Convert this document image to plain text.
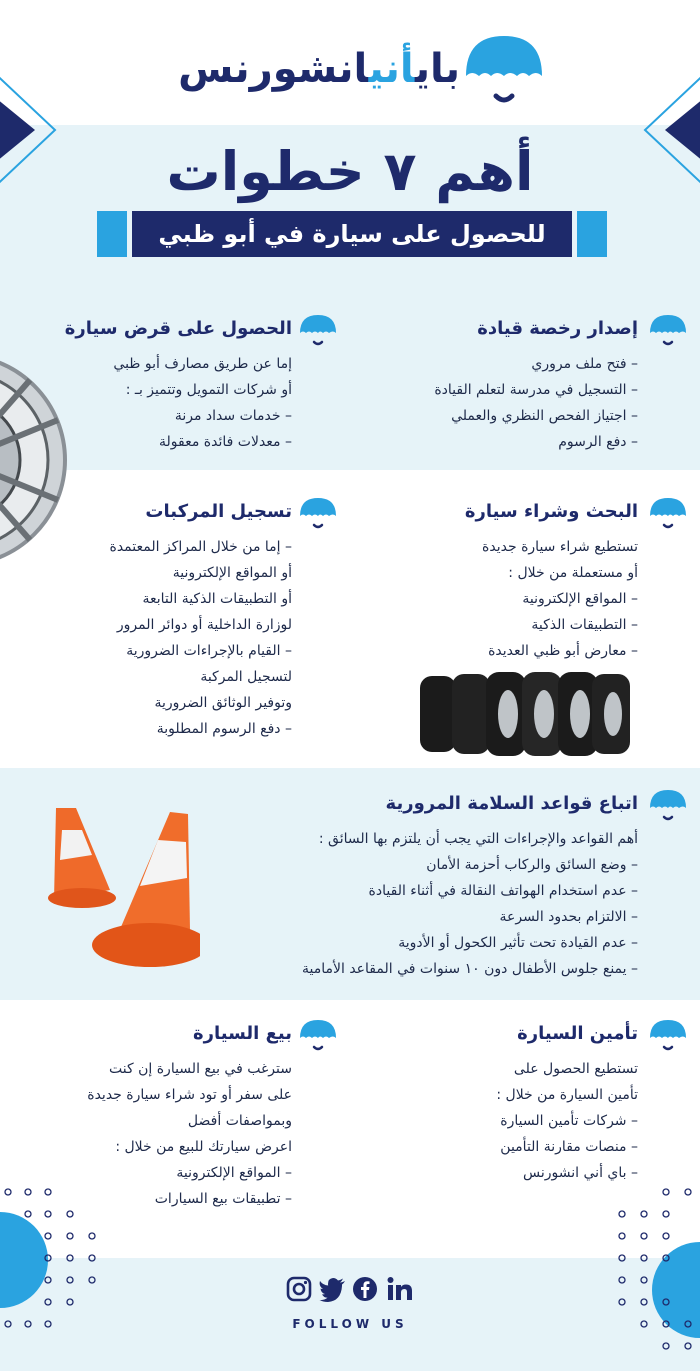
بايأنيانشورنس
أهم ٧ خطوات
للحصول على سيارة في أبو ظبي
إصدار رخصة قيادة
– فتح ملف مروري
– التسجيل في مدرسة لتعلم القيادة
– اجتياز الفحص النظري والعملي
– دفع الرسوم
الحصول على قرض سيارة
إما عن طريق مصارف أبو ظبي
أو شركات التمويل وتتميز بـ :
– خدمات سداد مرنة
– معدلات فائدة معقولة
البحث وشراء سيارة
تستطيع شراء سيارة جديدة
أو مستعملة من خلال :
– المواقع الإلكترونية
– التطبيقات الذكية
– معارض أبو ظبي العديدة
تسجيل المركبات
– إما من خلال المراكز المعتمدة
أو المواقع الإلكترونية
أو التطبيقات الذكية التابعة
لوزارة الداخلية أو دوائر المرور
– القيام بالإجراءات الضرورية
لتسجيل المركبة
وتوفير الوثائق الضرورية
– دفع الرسوم المطلوبة
اتباع قواعد السلامة المرورية
أهم القواعد والإجراءات التي يجب أن يلتزم بها السائق :
– وضع السائق والركاب أحزمة الأمان
– عدم استخدام الهواتف النقالة في أثناء القيادة
– الالتزام بحدود السرعة
– عدم القيادة تحت تأثير الكحول أو الأدوية
– يمنع جلوس الأطفال دون ١٠ سنوات في المقاعد الأمامية
تأمين السيارة
تستطيع الحصول على
تأمين السيارة من خلال :
– شركات تأمين السيارة
– منصات مقارنة التأمين
– باي أني انشورنس
بيع السيارة
سترغب في بيع السيارة إن كنت
على سفر أو تود شراء سيارة جديدة
وبمواصفات أفضل
اعرض سيارتك للبيع من خلال :
– المواقع الإلكترونية
– تطبيقات بيع السيارات
FOLLOW US
